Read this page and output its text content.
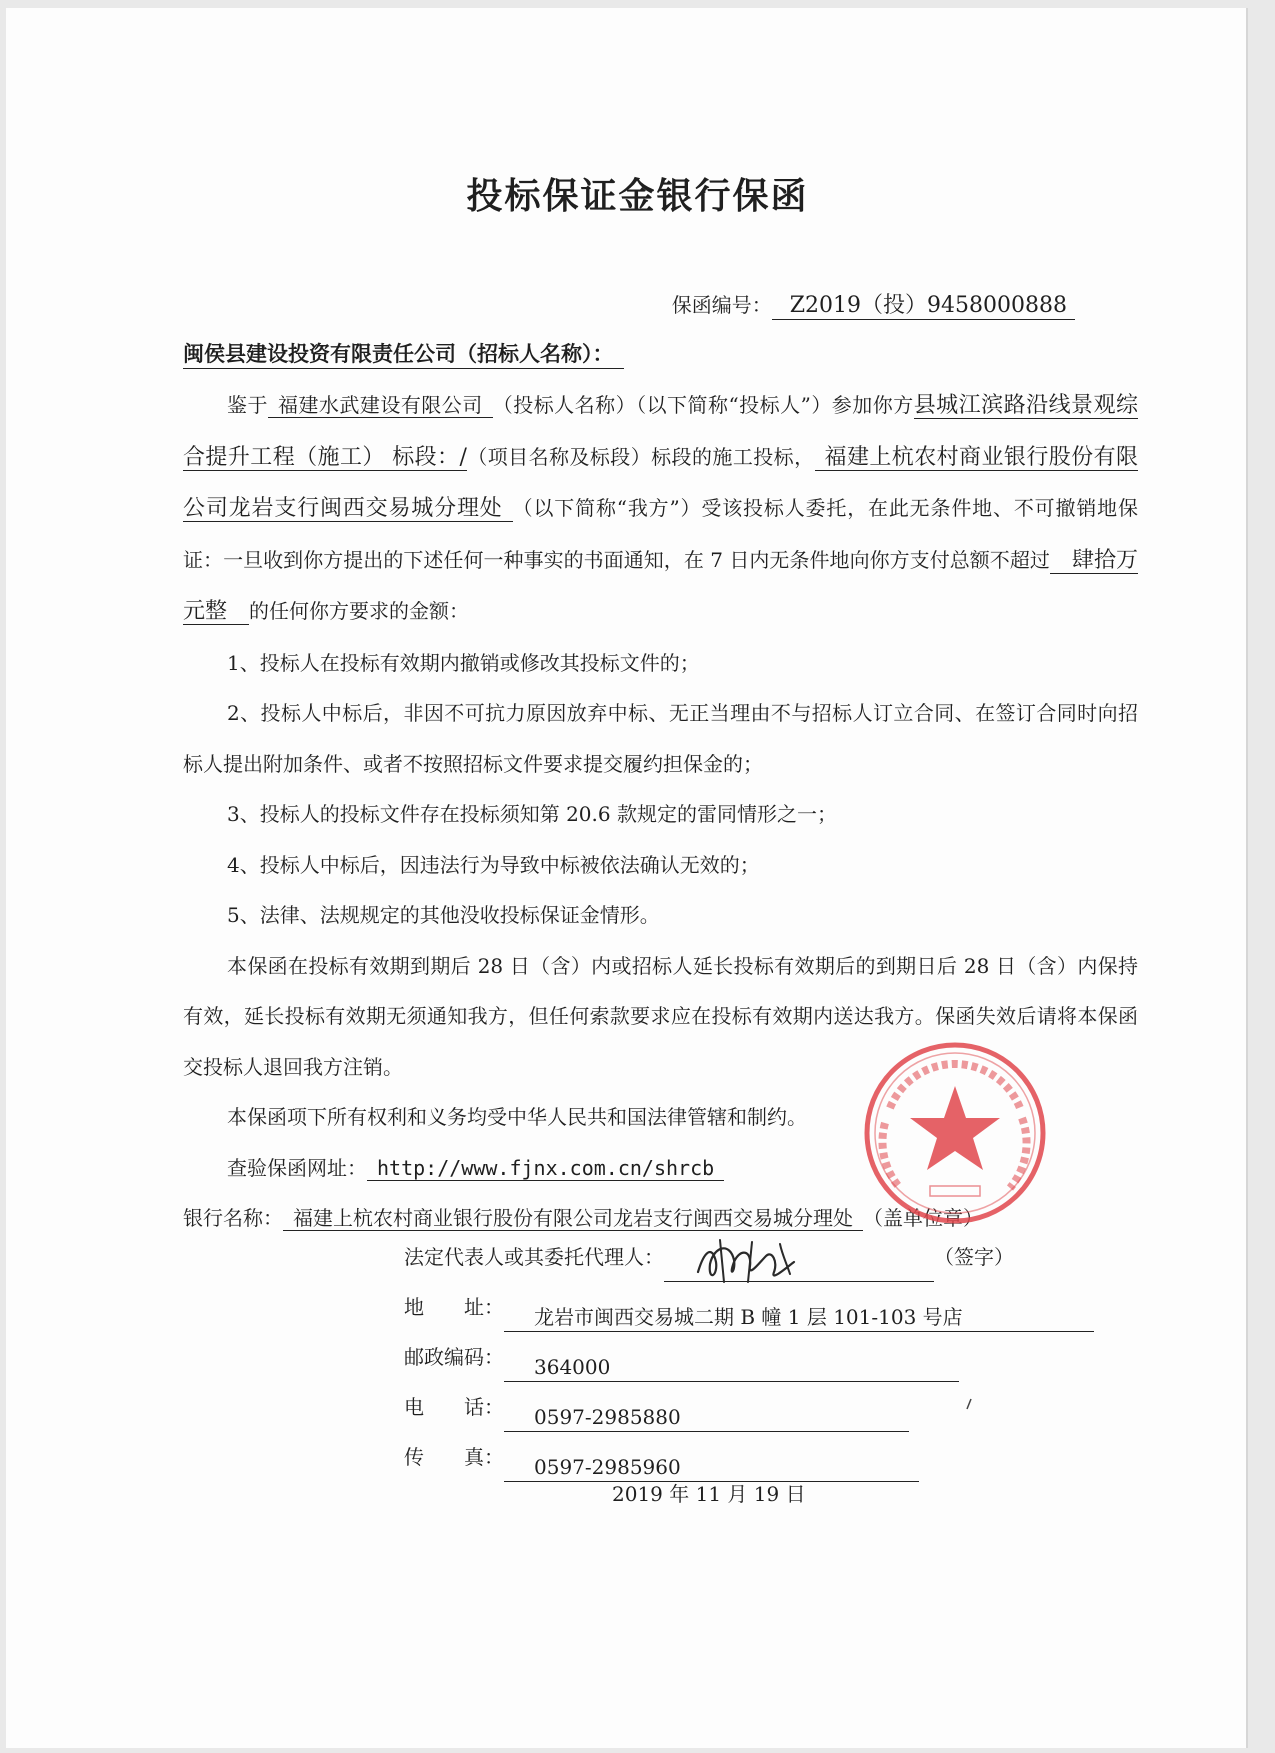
投标保证金银行保函
保函编号： Z2019（投）9458000888
闽侯县建设投资有限责任公司（招标人名称）：

鉴于 福建水武建设有限公司 （投标人名称）（以下简称“投标人”）参加你方县城江滨路沿线景观综合提升工程（施工） 标段：/（项目名称及标段）标段的施工投标， 福建上杭农村商业银行股份有限公司龙岩支行闽西交易城分理处 （以下简称“我方”）受该投标人委托，在此无条件地、不可撤销地保证：一旦收到你方提出的下述任何一种事实的书面通知，在 7 日内无条件地向你方支付总额不超过 肆拾万元整 的任何你方要求的金额：

1、投标人在投标有效期内撤销或修改其投标文件的；

2、投标人中标后，非因不可抗力原因放弃中标、无正当理由不与招标人订立合同、在签订合同时向招标人提出附加条件、或者不按照招标文件要求提交履约担保金的；

3、投标人的投标文件存在投标须知第 20.6 款规定的雷同情形之一；

4、投标人中标后，因违法行为导致中标被依法确认无效的；

5、法律、法规规定的其他没收投标保证金情形。

本保函在投标有效期到期后 28 日（含）内或招标人延长投标有效期后的到期日后 28 日（含）内保持有效，延长投标有效期无须通知我方，但任何索款要求应在投标有效期内送达我方。保函失效后请将本保函交投标人退回我方注销。

本保函项下所有权利和义务均受中华人民共和国法律管辖和制约。

查验保函网址： http://www.fjnx.com.cn/shrcb

银行名称： 福建上杭农村商业银行股份有限公司龙岩支行闽西交易城分理处 （盖单位章）

法定代表人或其委托代理人：	（签字）
地　　址：	龙岩市闽西交易城二期 B 幢 1 层 101-103 号店
邮政编码：	364000
电　　话：	0597-2985880
传　　真：	0597-2985960
2019 年 11 月 19 日
